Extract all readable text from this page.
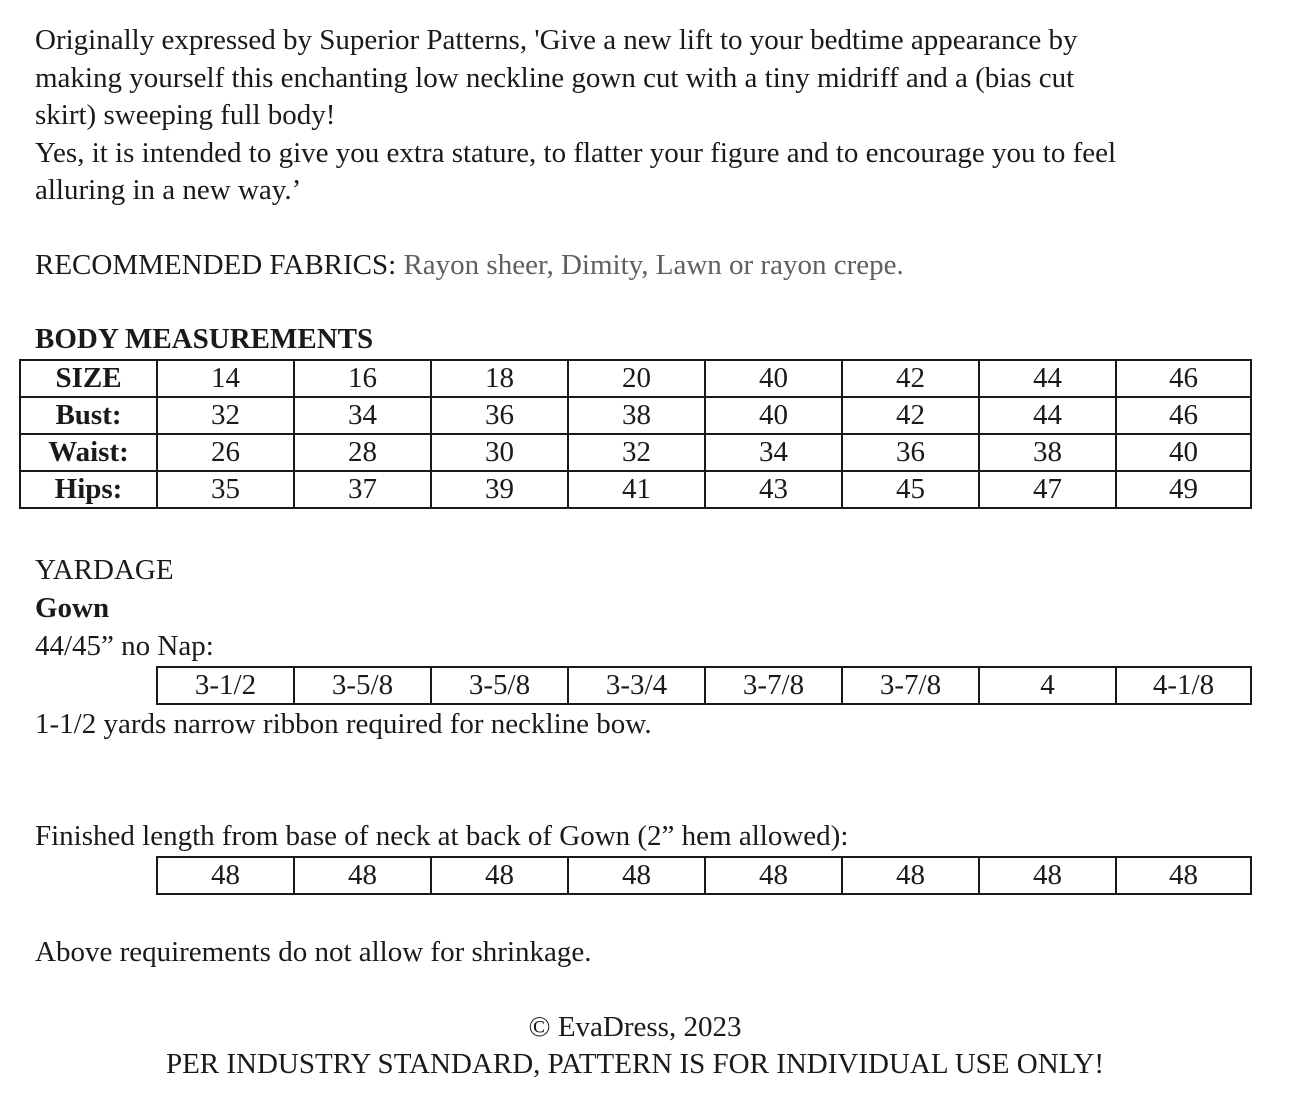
Originally expressed by Superior Patterns, 'Give a new lift to your bedtime appearance by
making yourself this enchanting low neckline gown cut with a tiny midriff and a (bias cut
skirt) sweeping full body!
Yes, it is intended to give you extra stature, to flatter your figure and to encourage you to feel
alluring in a new way.’
RECOMMENDED FABRICS: Rayon sheer, Dimity, Lawn or rayon crepe.
BODY MEASUREMENTS
SIZE	14	16	18	20	40	42	44	46
Bust:	32	34	36	38	40	42	44	46
Waist:	26	28	30	32	34	36	38	40
Hips:	35	37	39	41	43	45	47	49
YARDAGE
Gown
44/45” no Nap:
3-1/2	3-5/8	3-5/8	3-3/4	3-7/8	3-7/8	4	4-1/8
1-1/2 yards narrow ribbon required for neckline bow.
Finished length from base of neck at back of Gown (2” hem allowed):
48	48	48	48	48	48	48	48
Above requirements do not allow for shrinkage.
© EvaDress, 2023
PER INDUSTRY STANDARD, PATTERN IS FOR INDIVIDUAL USE ONLY!
